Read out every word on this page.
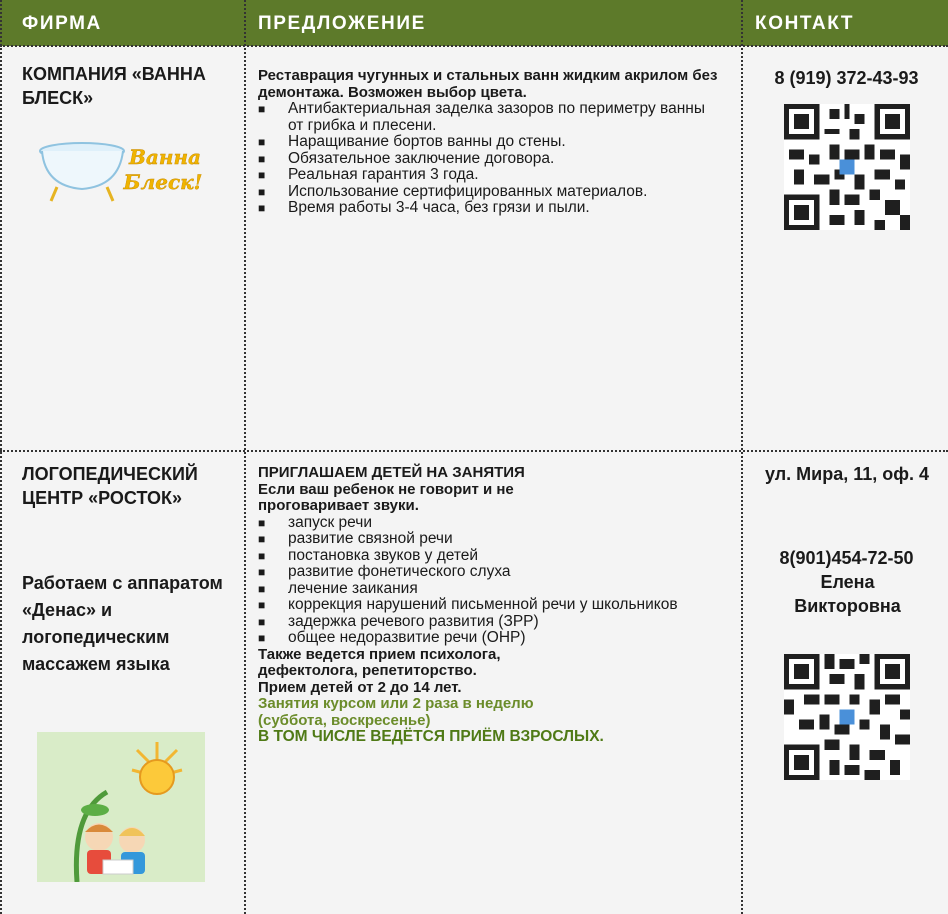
ФИРМА	ПРЕДЛОЖЕНИЕ	КОНТАКТ
КОМПАНИЯ «ВАННА БЛЕСК»
Ванна
Блеск!
Реставрация чугунных и стальных ванн жидким акрилом без демонтажа. Возможен выбор цвета.
■ Антибактериальная заделка зазоров по периметру ванны от грибка и плесени.
■ Наращивание бортов ванны до стены.
■ Обязательное заключение договора.
■ Реальная гарантия 3 года.
■ Использование сертифицированных материалов.
■ Время работы 3-4 часа, без грязи и пыли.
8 (919) 372-43-93
ЛОГОПЕДИЧЕСКИЙ ЦЕНТР «РОСТОК»
Работаем с аппаратом «Денас» и логопедическим массажем языка
ПРИГЛАШАЕМ ДЕТЕЙ НА ЗАНЯТИЯ
Если ваш ребенок не говорит и не проговаривает звуки.
■ запуск речи
■ развитие связной речи
■ постановка звуков у детей
■ развитие фонетического слуха
■ лечение заикания
■ коррекция нарушений письменной речи у школьников
■ задержка речевого развития (ЗРР)
■ общее недоразвитие речи (ОНР)
Также ведется прием психолога, дефектолога, репетиторство.
Прием детей от 2 до 14 лет.
Занятия курсом или 2 раза в неделю (суббота, воскресенье)
В ТОМ ЧИСЛЕ ВЕДЁТСЯ ПРИЁМ ВЗРОСЛЫХ.
ул. Мира, 11, оф. 4
8(901)454-72-50
Елена Викторовна
